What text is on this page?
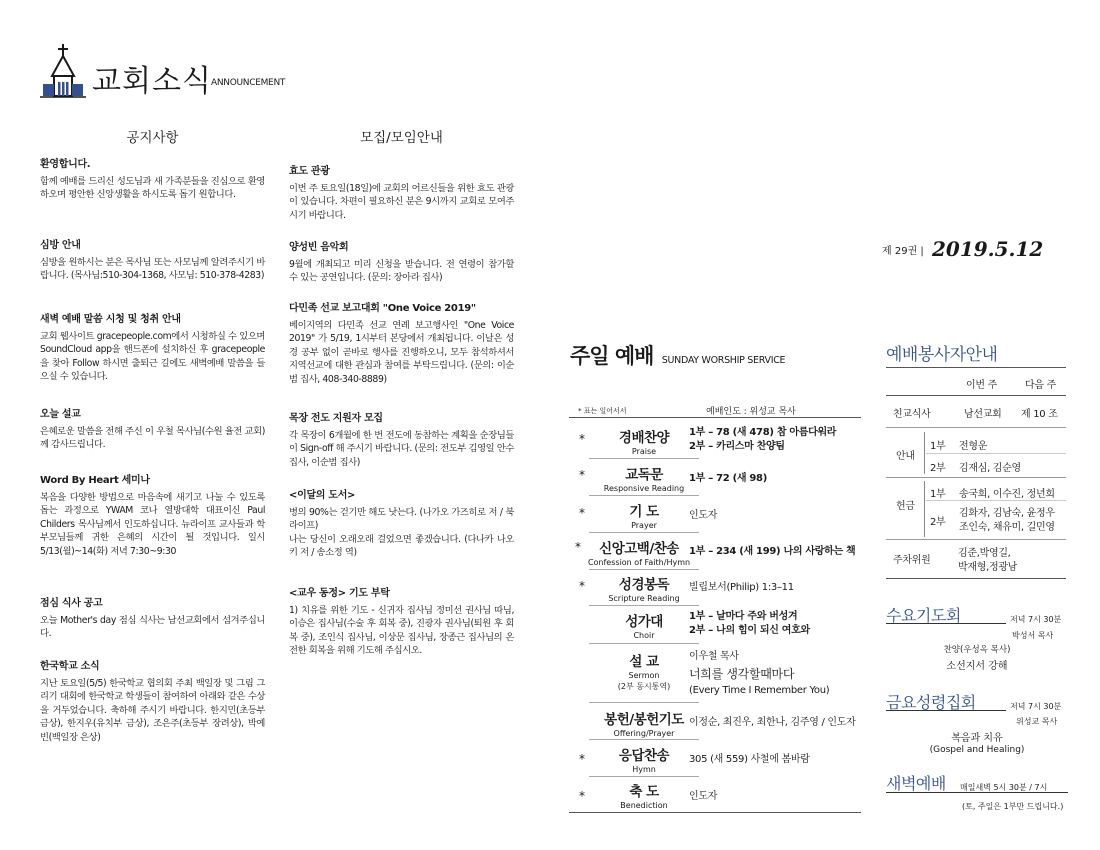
교회소식 ANNOUNCEMENT
공지사항
환영합니다.

함께 예배를 드리신 성도님과 새 가족분들을 진심으로 환영하오며 평안한 신앙생활을 하시도록 돕기 원합니다.

심방 안내

심방을 원하시는 분은 목사님 또는 사모님께 알려주시기 바랍니다. (목사님:510-304-1368, 사모님: 510-378-4283)

새벽 예배 말씀 시청 및 청취 안내

교회 웹사이트 gracepeople.com에서 시청하실 수 있으며 SoundCloud app을 핸드폰에 설치하신 후 gracepeople을 찾아 Follow 하시면 출퇴근 길에도 새벽예배 말씀을 들으실 수 있습니다.

오늘 설교

은혜로운 말씀을 전해 주신 이 우철 목사님(수원 율전 교회)께 감사드립니다.

Word By Heart 세미나

복음을 다양한 방법으로 마음속에 새기고 나눌 수 있도록 돕는 과정으로 YWAM 코나 열방대학 대표이신 Paul Childers 목사님께서 인도하십니다. 뉴라이프 교사들과 학부모님들께 귀한 은혜의 시간이 될 것입니다. 일시 5/13(월)~14(화) 저녁 7:30~9:30

점심 식사 공고

오늘 Mother's day 점심 식사는 남선교회에서 섬겨주십니다.

한국학교 소식

지난 토요일(5/5) 한국학교 협의회 주최 백일장 및 그림 그리기 대회에 한국학교 학생들이 참여하여 아래와 같은 수상을 거두었습니다. 축하해 주시기 바랍니다. 한지민(초등부 금상), 한지우(유치부 금상), 조은주(초등부 장려상), 박예빈(백일장 은상)

모집/모임안내
효도 관광

이번 주 토요일(18일)에 교회의 어르신들을 위한 효도 관광이 있습니다. 차편이 필요하신 분은 9시까지 교회로 모여주시기 바랍니다.

양성빈 음악회

9월에 개최되고 미리 신청을 받습니다. 전 연령이 참가할 수 있는 공연입니다. (문의: 장아라 집사)

다민족 선교 보고대회 "One Voice 2019"

베이지역의 다민족 선교 연례 보고행사인 "One Voice 2019" 가 5/19, 1시부터 본당에서 개최됩니다. 이날은 성경 공부 없이 곧바로 행사를 진행하오니, 모두 참석하셔서 지역선교에 대한 관심과 참여를 부탁드립니다. (문의: 이순범 집사, 408-340-8889)

목장 전도 지원자 모집

각 목장이 6개월에 한 번 전도에 동참하는 계획을 순장님들이 Sign-off 해 주시기 바랍니다. (문의: 전도부 김영일 안수집사, 이순범 집사)

<이달의 도서>

병의 90%는 걷기만 해도 낫는다. (나가오 가즈히로 저 / 북라이프)
나는 당신이 오래오래 걸었으면 좋겠습니다. (다나카 나오키 저 / 송소정 역)

<교우 동정> 기도 부탁

1) 치유를 위한 기도 - 신귀자 집사님 정미선 권사님 따님, 이승은 집사님(수술 후 회복 중), 진광자 권사님(퇴원 후 회복 중), 조인식 집사님, 이상문 집사님, 장종근 집사님의 온전한 회복을 위해 기도해 주십시오.

제 29권 | 2019.5.12
주일 예배 SUNDAY WORSHIP SERVICE
* 표는 일어서서	예배인도 : 위성교 목사
*	경배찬양
Praise
1부 – 78 (새 478) 참 아름다워라
2부 – 카리스마 찬양팀
*	교독문
Responsive Reading
1부 – 72 (새 98)
*	기 도
Prayer
인도자
*	신앙고백/찬송
Confession of Faith/Hymn
1부 – 234 (새 199) 나의 사랑하는 책
*	성경봉독
Scripture Reading
빌립보서(Philip) 1:3–11
성가대
Choir
1부 – 날마다 주와 버성겨
2부 – 나의 힘이 되신 여호와
설 교
Sermon
(2부 동시통역)
이우철 목사
너희를 생각할때마다
(Every Time I Remember You)
봉헌/봉헌기도
Offering/Prayer
이정순, 최진우, 최한나, 김주영 / 인도자
*	응답찬송
Hymn
305 (새 559) 사철에 봄바람
*	축 도
Benediction
인도자
예배봉사자안내
이번 주	다음 주
친교식사	남선교회 제 10 조
안내
1부 전형운
2부 김재심, 김순영
헌금
1부 송국희, 이수진, 정년희
2부
김화자, 김남숙, 윤정우
조인숙, 채유미, 길민영
주차위원
김준,박영길,
박재형,정광남
수요기도회	저녁 7시 30분
박성서 목사
찬양(우성옥 목사)
소선지서 강해
금요성령집회	저녁 7시 30분
위성교 목사
복음과 치유
(Gospel and Healing)
새벽예배 매일새벽 5시 30분 / 7시
(토, 주일은 1부만 드립니다.)
